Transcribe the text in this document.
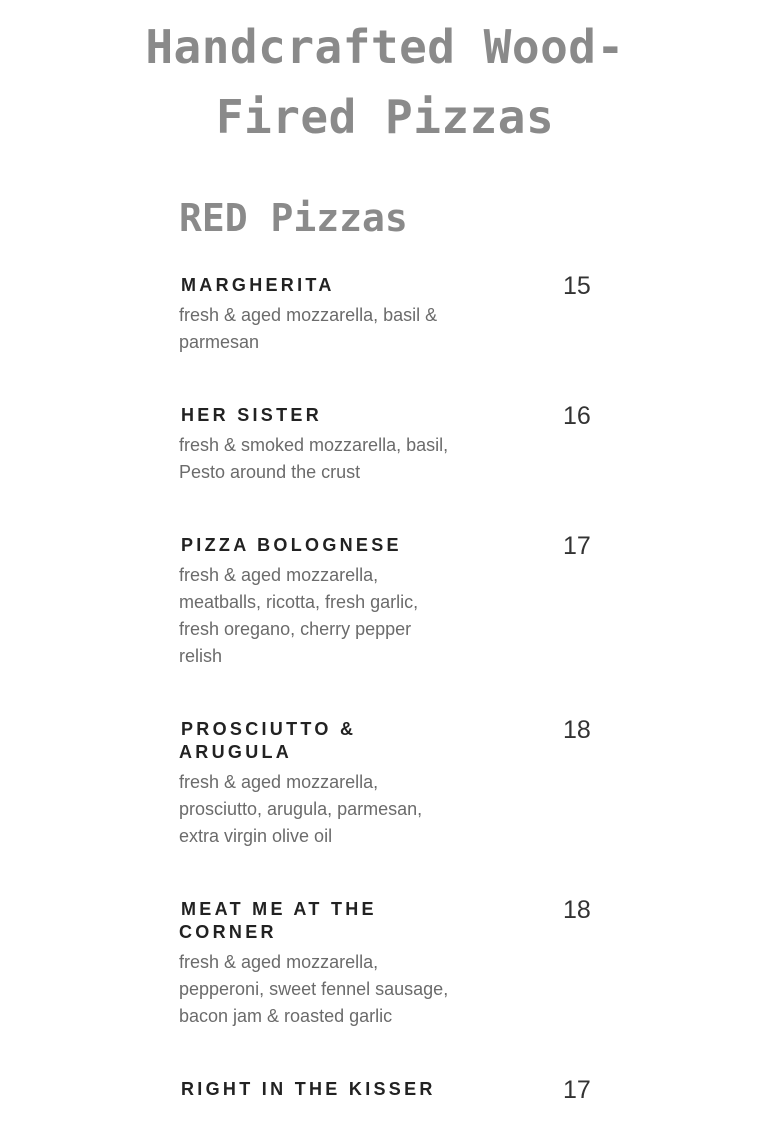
Handcrafted Wood-Fired Pizzas
RED Pizzas
MARGHERITA	15
fresh & aged mozzarella, basil &
parmesan
HER SISTER	16
fresh & smoked mozzarella, basil,
Pesto around the crust
PIZZA BOLOGNESE	17
fresh & aged mozzarella,
meatballs, ricotta, fresh garlic,
fresh oregano, cherry pepper
relish
PROSCIUTTO & ARUGULA
18
fresh & aged mozzarella,
prosciutto, arugula, parmesan,
extra virgin olive oil
MEAT ME AT THE CORNER
18
fresh & aged mozzarella,
pepperoni, sweet fennel sausage,
bacon jam & roasted garlic
RIGHT IN THE KISSER	17
